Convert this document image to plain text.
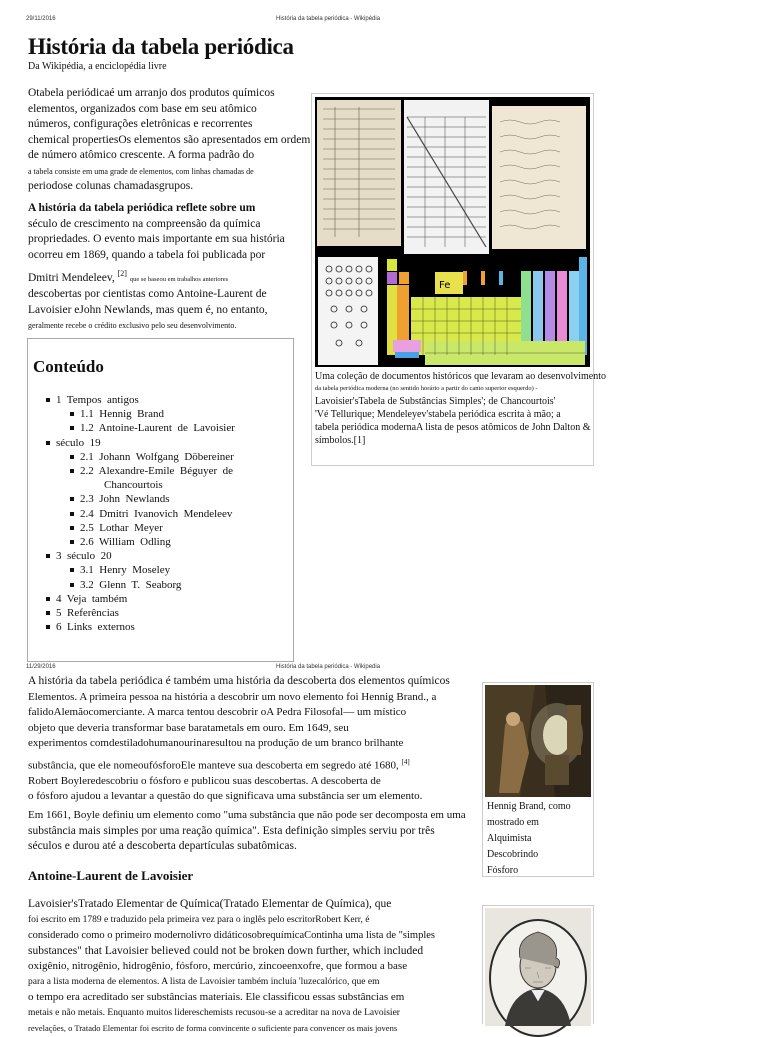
29/11/2016	História da tabela periódica - Wikipédia
História da tabela periódica
Da Wikipédia, a enciclopédia livre

Otabela periódicaé um arranjo dos produtos químicos

elementos, organizados com base em seu atômico

números, configurações eletrônicas e recorrentes

chemical propertiesOs elementos são apresentados em ordem

de número atômico crescente. A forma padrão do

a tabela consiste em uma grade de elementos, com linhas chamadas de

periodose colunas chamadasgrupos.

A história da tabela periódica reflete sobre um

século de crescimento na compreensão da química

propriedades. O evento mais importante em sua história

ocorreu em 1869, quando a tabela foi publicada por

Dmitri Mendeleev, [2] que se baseou em trabalhos anteriores

descobertas por cientistas como Antoine-Laurent de

Lavoisier eJohn Newlands, mas quem é, no entanto,

geralmente recebe o crédito exclusivo pelo seu desenvolvimento.

Conteúdo
1  Tempos  antigos
1.1  Hennig  Brand
1.2  Antoine-Laurent  de  Lavoisier
século  19
2.1  Johann  Wolfgang  Döbereiner
2.2  Alexandre-Emile  Béguyer  de
Chancourtois
2.3  John  Newlands
2.4  Dmitri  Ivanovich  Mendeleev
2.5  Lothar  Meyer
2.6  William  Odling
3  século  20
3.1  Henry  Moseley
3.2  Glenn  T.  Seaborg
4  Veja  também
5  Referências
6  Links  externos
Fe
Uma coleção de documentos históricos que levaram ao desenvolvimento
da tabela periódica moderna (no sentido horário a partir do canto superior esquerdo) -
Lavoisier'sTabela de Substâncias Simples'; de Chancourtois'
'Vé Tellurique; Mendeleyev'stabela periódica escrita à mão; a
tabela periódica modernaA lista de pesos atômicos de John Dalton &
símbolos.[1]
11/29/2016	História da tabela periódica - Wikipedia

A história da tabela periódica é também uma história da descoberta dos elementos químicos

Elementos. A primeira pessoa na história a descobrir um novo elemento foi Hennig Brand., a

falidoAlemãocomerciante. A marca tentou descobrir oA Pedra Filosofal— um místico

objeto que deveria transformar base baratametals em ouro. Em 1649, seu

experimentos comdestiladohumanourinaresultou na produção de um branco brilhante

substância, que ele nomeoufósforoEle manteve sua descoberta em segredo até 1680, [4]

Robert Boyleredescobriu o fósforo e publicou suas descobertas. A descoberta de

o fósforo ajudou a levantar a questão do que significava uma substância ser um elemento.

Em 1661, Boyle definiu um elemento como "uma substância que não pode ser decomposta em uma

substância mais simples por uma reação química". Esta definição simples serviu por três

séculos e durou até a descoberta departículas subatômicas.

Antoine-Laurent de Lavoisier

Lavoisier'sTratado Elementar de Química(Tratado Elementar de Química), que

foi escrito em 1789 e traduzido pela primeira vez para o inglês pelo escritorRobert Kerr, é

considerado como o primeiro modernolivro didáticosobrequímicaContinha uma lista de "simples

substances" that Lavoisier believed could not be broken down further, which included

oxigênio, nitrogênio, hidrogênio, fósforo, mercúrio, zincoeenxofre, que formou a base

para a lista moderna de elementos. A lista de Lavoisier também incluía 'luzecalórico, que em

o tempo era acreditado ser substâncias materiais. Ele classificou essas substâncias em

metais e não metais. Enquanto muitos lidereschemists recusou-se a acreditar na nova de Lavoisier

revelações, o Tratado Elementar foi escrito de forma convincente o suficiente para convencer os mais jovens

Hennig Brand, como
mostrado em
Alquimista
Descobrindo
Fósforo
